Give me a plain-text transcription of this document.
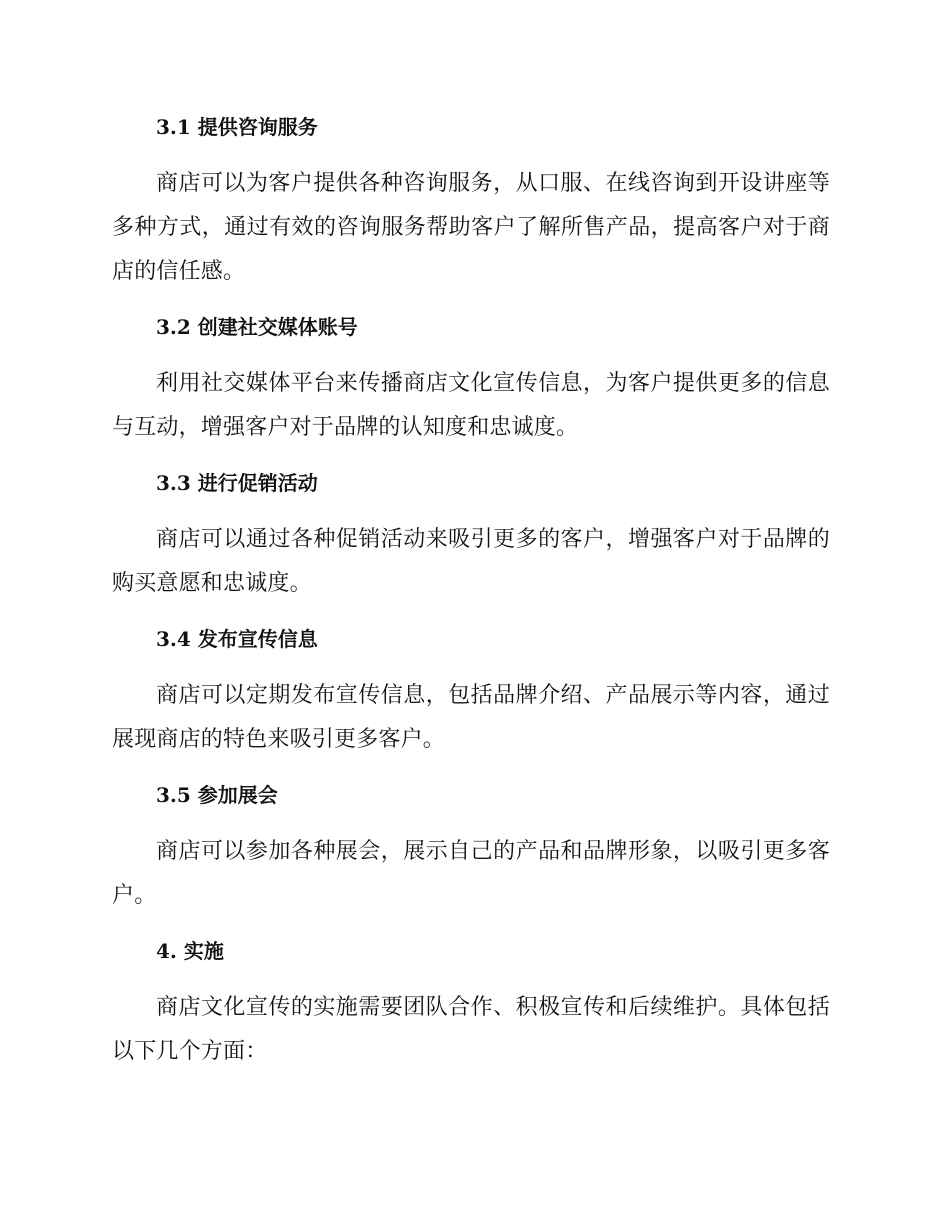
3.1 提供咨询服务

商店可以为客户提供各种咨询服务，从口服、在线咨询到开设讲座等多种方式，通过有效的咨询服务帮助客户了解所售产品，提高客户对于商店的信任感。

3.2 创建社交媒体账号

利用社交媒体平台来传播商店文化宣传信息，为客户提供更多的信息与互动，增强客户对于品牌的认知度和忠诚度。

3.3 进行促销活动

商店可以通过各种促销活动来吸引更多的客户，增强客户对于品牌的购买意愿和忠诚度。

3.4 发布宣传信息

商店可以定期发布宣传信息，包括品牌介绍、产品展示等内容，通过展现商店的特色来吸引更多客户。

3.5 参加展会

商店可以参加各种展会，展示自己的产品和品牌形象，以吸引更多客户。

4. 实施

商店文化宣传的实施需要团队合作、积极宣传和后续维护。具体包括以下几个方面：
